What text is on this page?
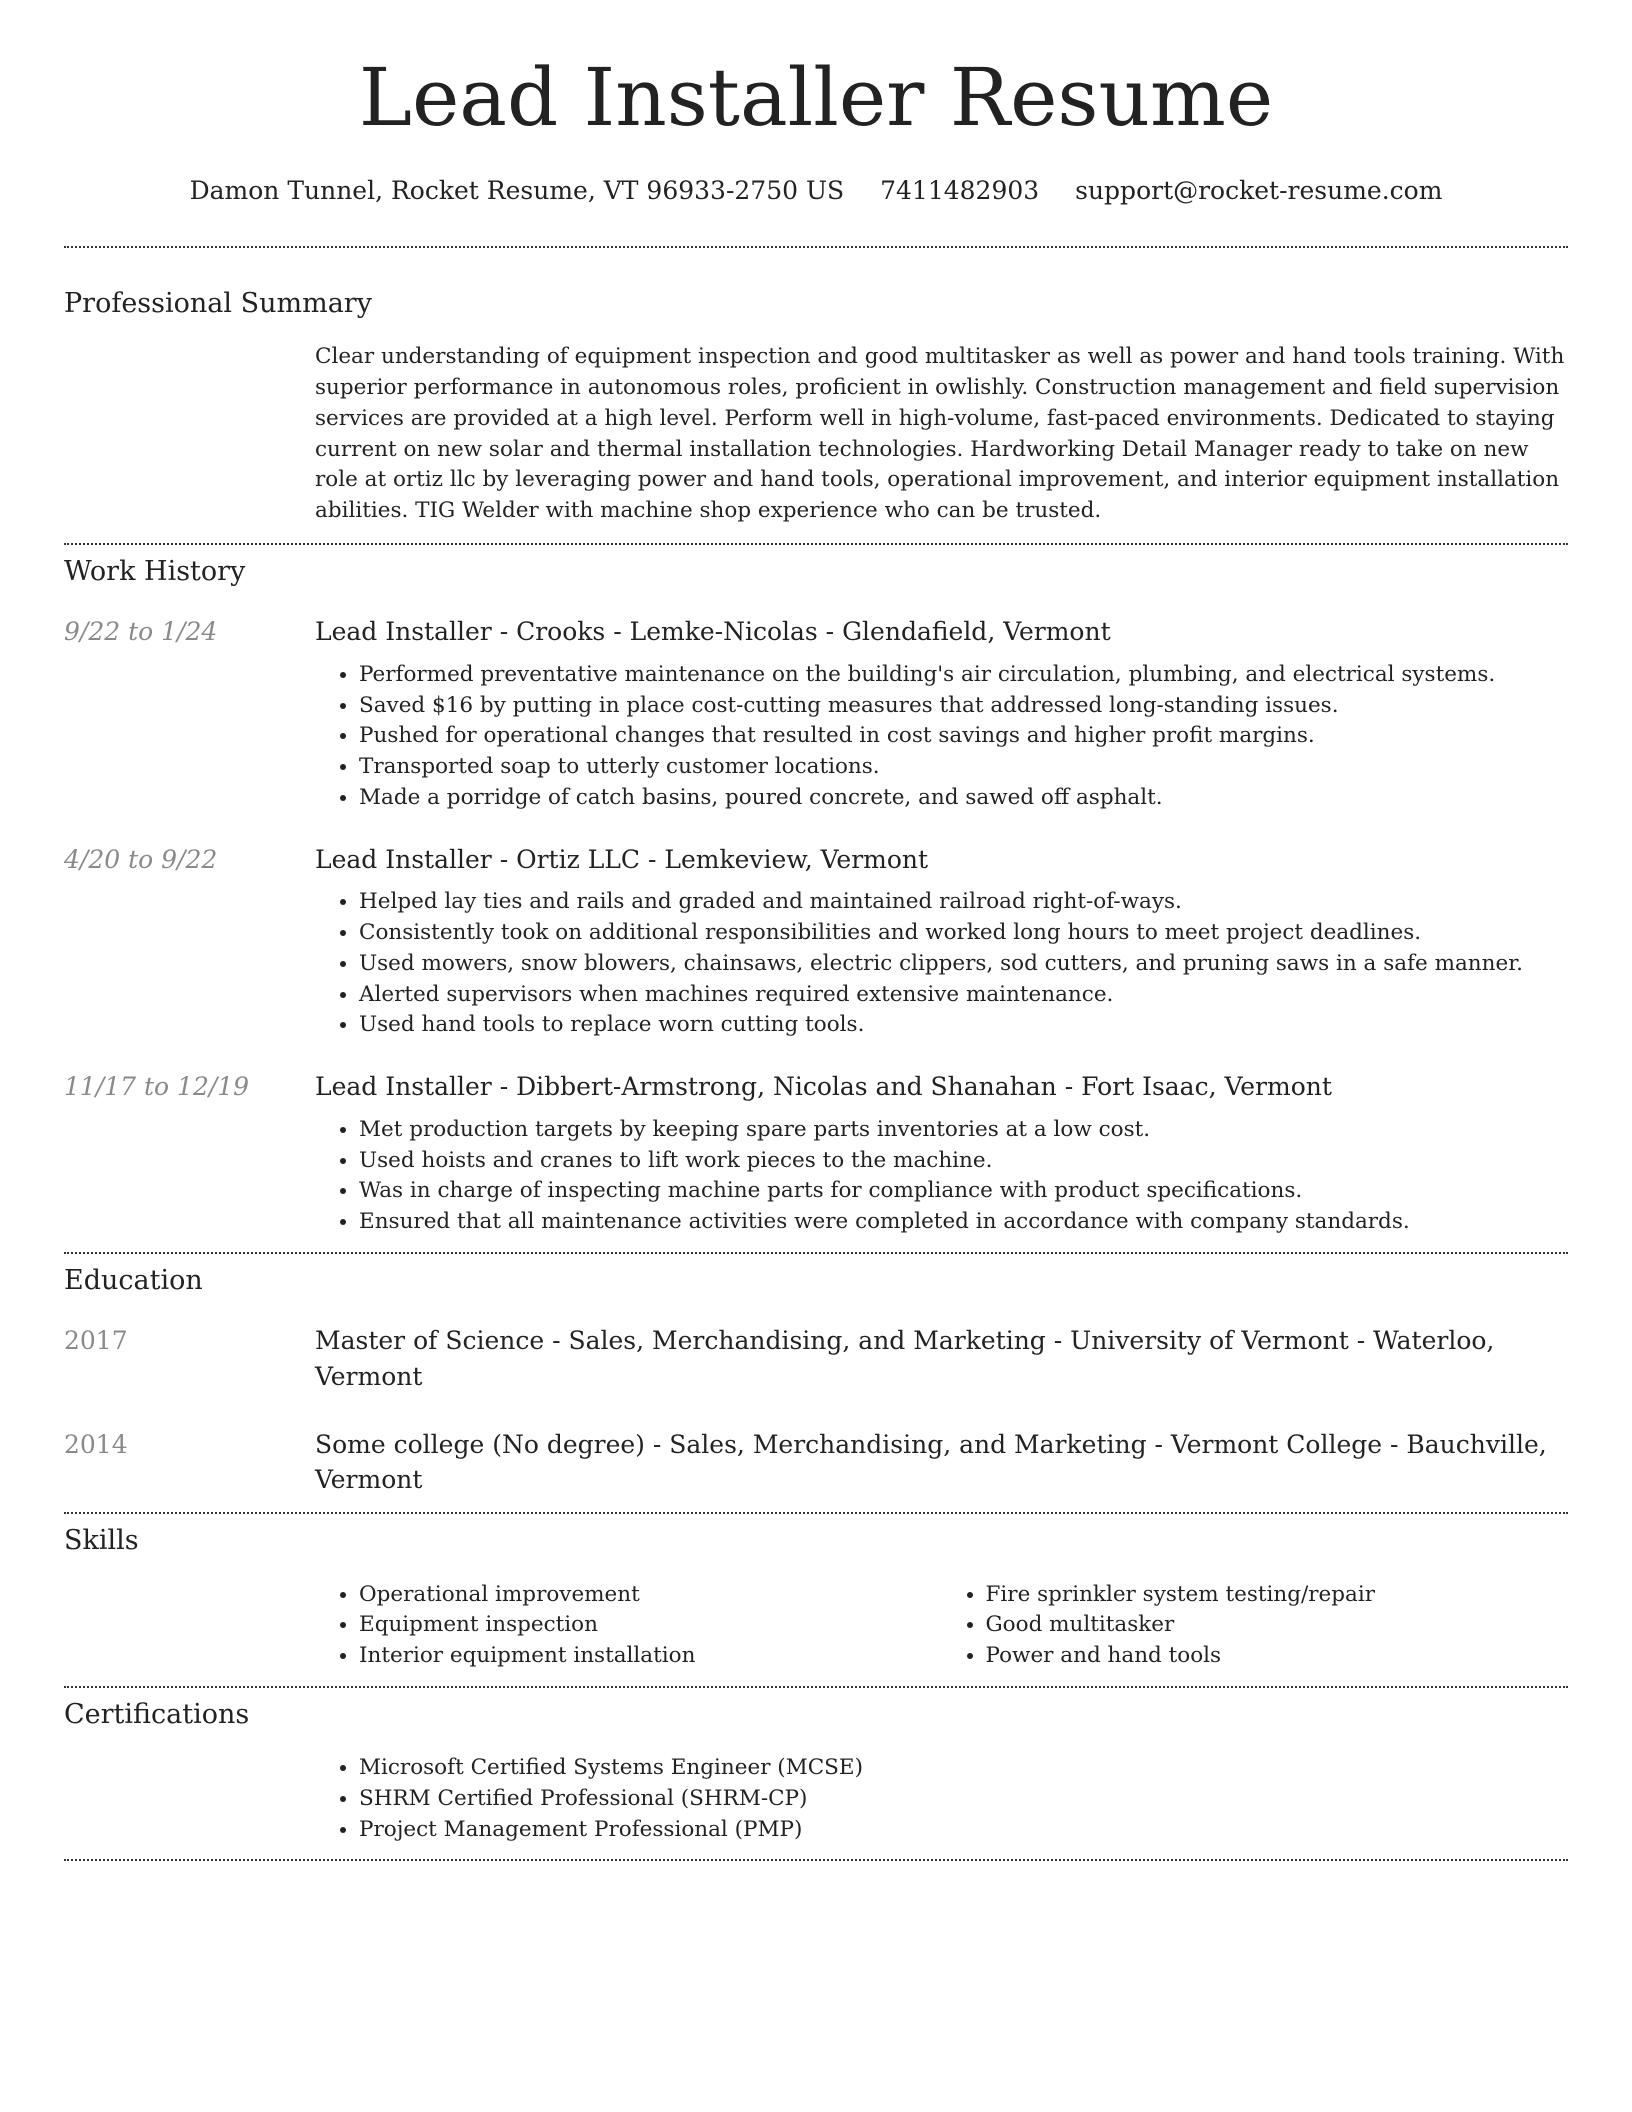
Lead Installer Resume
Damon Tunnel, Rocket Resume, VT 96933-2750 US 7411482903 support@rocket-resume.com
Professional Summary
Clear understanding of equipment inspection and good multitasker as well as power and hand tools training. With superior performance in autonomous roles, proficient in owlishly. Construction management and field supervision services are provided at a high level. Perform well in high-volume, fast-paced environments. Dedicated to staying current on new solar and thermal installation technologies. Hardworking Detail Manager ready to take on new role at ortiz llc by leveraging power and hand tools, operational improvement, and interior equipment installation abilities. TIG Welder with machine shop experience who can be trusted.
Work History
9/22 to 1/24	Lead Installer - Crooks - Lemke-Nicolas - Glendafield, Vermont
• Performed preventative maintenance on the building's air circulation, plumbing, and electrical systems.
• Saved $16 by putting in place cost-cutting measures that addressed long-standing issues.
• Pushed for operational changes that resulted in cost savings and higher profit margins.
• Transported soap to utterly customer locations.
• Made a porridge of catch basins, poured concrete, and sawed off asphalt.
4/20 to 9/22	Lead Installer - Ortiz LLC - Lemkeview, Vermont
• Helped lay ties and rails and graded and maintained railroad right-of-ways.
• Consistently took on additional responsibilities and worked long hours to meet project deadlines.
• Used mowers, snow blowers, chainsaws, electric clippers, sod cutters, and pruning saws in a safe manner.
• Alerted supervisors when machines required extensive maintenance.
• Used hand tools to replace worn cutting tools.
11/17 to 12/19	Lead Installer - Dibbert-Armstrong, Nicolas and Shanahan - Fort Isaac, Vermont
• Met production targets by keeping spare parts inventories at a low cost.
• Used hoists and cranes to lift work pieces to the machine.
• Was in charge of inspecting machine parts for compliance with product specifications.
• Ensured that all maintenance activities were completed in accordance with company standards.
Education
2017	Master of Science - Sales, Merchandising, and Marketing - University of Vermont - Waterloo, Vermont
2014	Some college (No degree) - Sales, Merchandising, and Marketing - Vermont College - Bauchville, Vermont
Skills
• Operational improvement
• Equipment inspection
• Interior equipment installation
• Fire sprinkler system testing/repair
• Good multitasker
• Power and hand tools
Certifications
• Microsoft Certified Systems Engineer (MCSE)
• SHRM Certified Professional (SHRM-CP)
• Project Management Professional (PMP)
